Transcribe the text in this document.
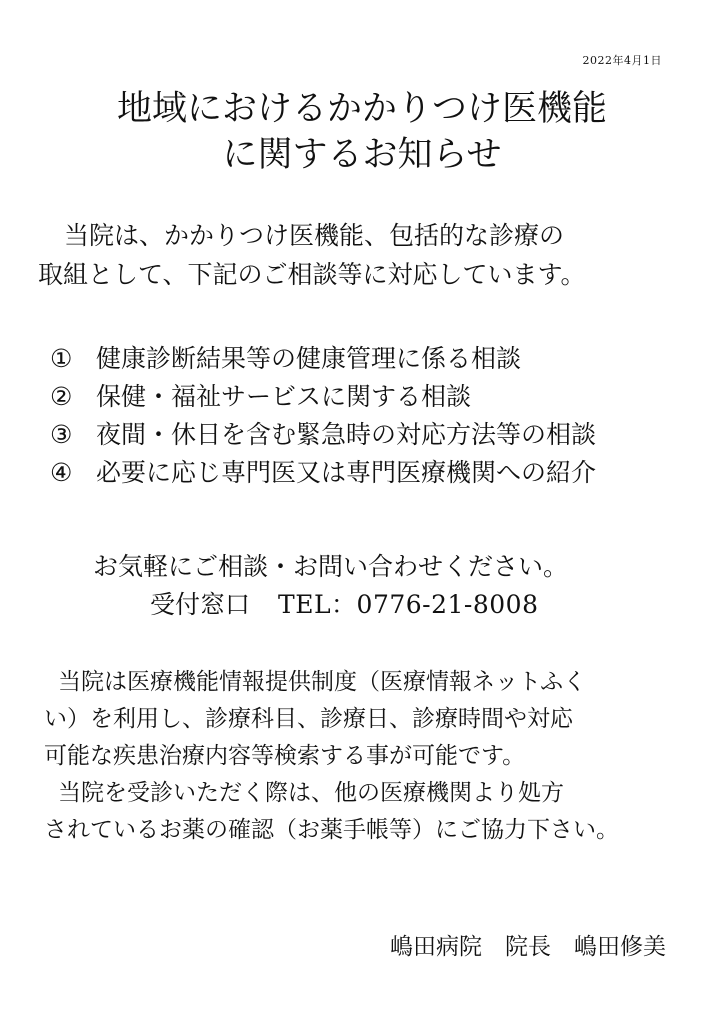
2022年4月1日
地域におけるかかりつけ医機能
に関するお知らせ
当院は、かかりつけ医機能、包括的な診療の
取組として、下記のご相談等に対応しています。
① 健康診断結果等の健康管理に係る相談
② 保健・福祉サービスに関する相談
③ 夜間・休日を含む緊急時の対応方法等の相談
④ 必要に応じ専門医又は専門医療機関への紹介
お気軽にご相談・お問い合わせください。
受付窓口 TEL：0776-21-8008
当院は医療機能情報提供制度（医療情報ネットふく
い）を利用し、診療科目、診療日、診療時間や対応
可能な疾患治療内容等検索する事が可能です。
当院を受診いただく際は、他の医療機関より処方
されているお薬の確認（お薬手帳等）にご協力下さい。
嶋田病院　 院長　 嶋田修美
